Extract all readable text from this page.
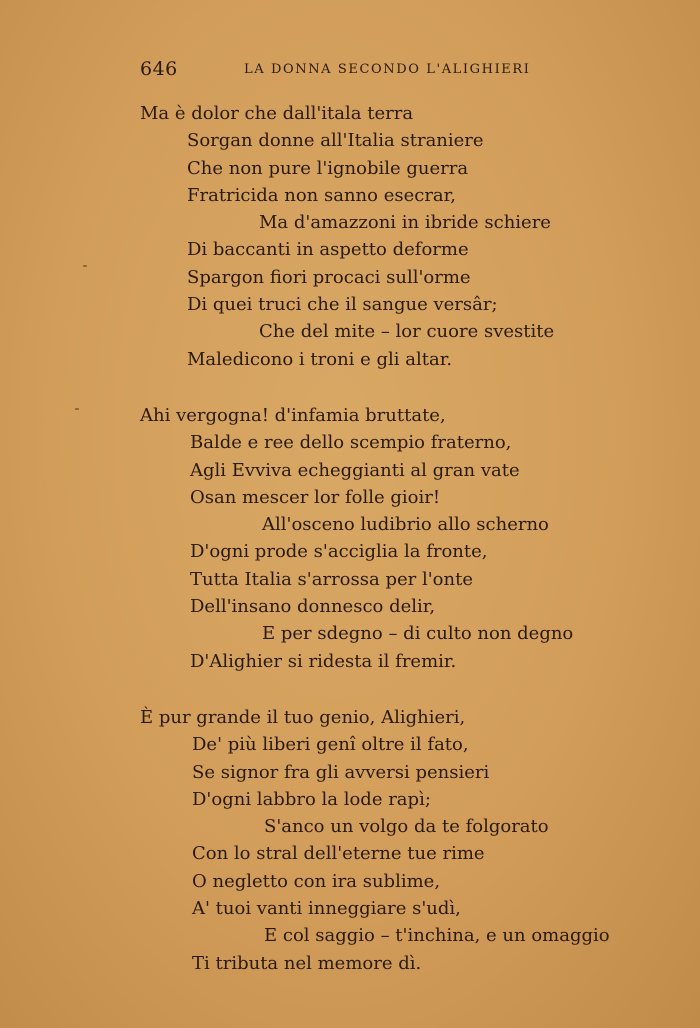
646	LA DONNA SECONDO L'ALIGHIERI
Ma è dolor che dall'itala terra
Sorgan donne all'Italia straniere
Che non pure l'ignobile guerra
Fratricida non sanno esecrar,
Ma d'amazzoni in ibride schiere
Di baccanti in aspetto deforme
Spargon fiori procaci sull'orme
Di quei truci che il sangue versâr;
Che del mite – lor cuore svestite
Maledicono i troni e gli altar.
Ahi vergogna! d'infamia bruttate,
Balde e ree dello scempio fraterno,
Agli Evviva echeggianti al gran vate
Osan mescer lor folle gioir!
All'osceno ludibrio allo scherno
D'ogni prode s'accigliа la fronte,
Tutta Italia s'arrossa per l'onte
Dell'insano donnesco delir,
E per sdegno – di culto non degno
D'Alighier si ridesta il fremir.
È pur grande il tuo genio, Alighieri,
De' più liberi genî oltre il fato,
Se signor fra gli avversi pensieri
D'ogni labbro la lode rapì;
S'anco un volgo da te folgorato
Con lo stral dell'eterne tue rime
O negletto con ira sublime,
A' tuoi vanti inneggiare s'udì,
E col saggio – t'inchina, e un omaggio
Ti tributa nel memore dì.
